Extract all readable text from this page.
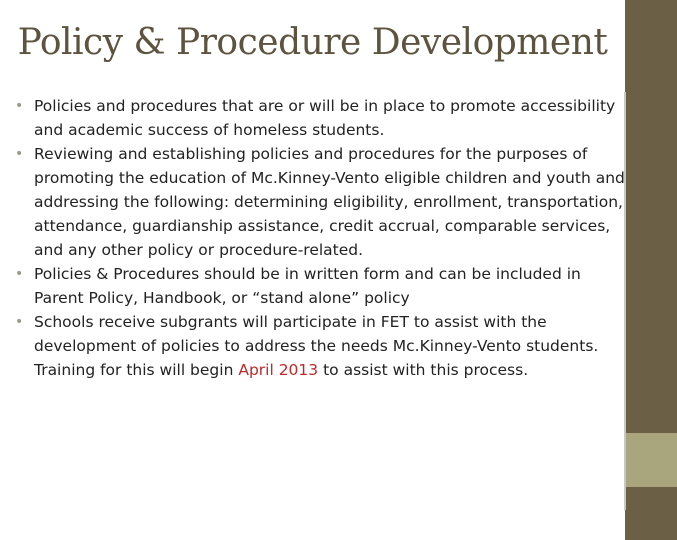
Policy & Procedure Development
• Policies and procedures that are or will be in place to promote accessibility and academic success of homeless students.
• Reviewing and establishing policies and procedures for the purposes of promoting the education of Mc.Kinney-Vento eligible children and youth and addressing the following: determining eligibility, enrollment, transportation, attendance, guardianship assistance, credit accrual, comparable services, and any other policy or procedure-related.
• Policies & Procedures should be in written form and can be included in Parent Policy, Handbook, or “stand alone” policy
• Schools receive subgrants will participate in FET to assist with the development of policies to address the needs Mc.Kinney-Vento students. Training for this will begin April 2013 to assist with this process.
